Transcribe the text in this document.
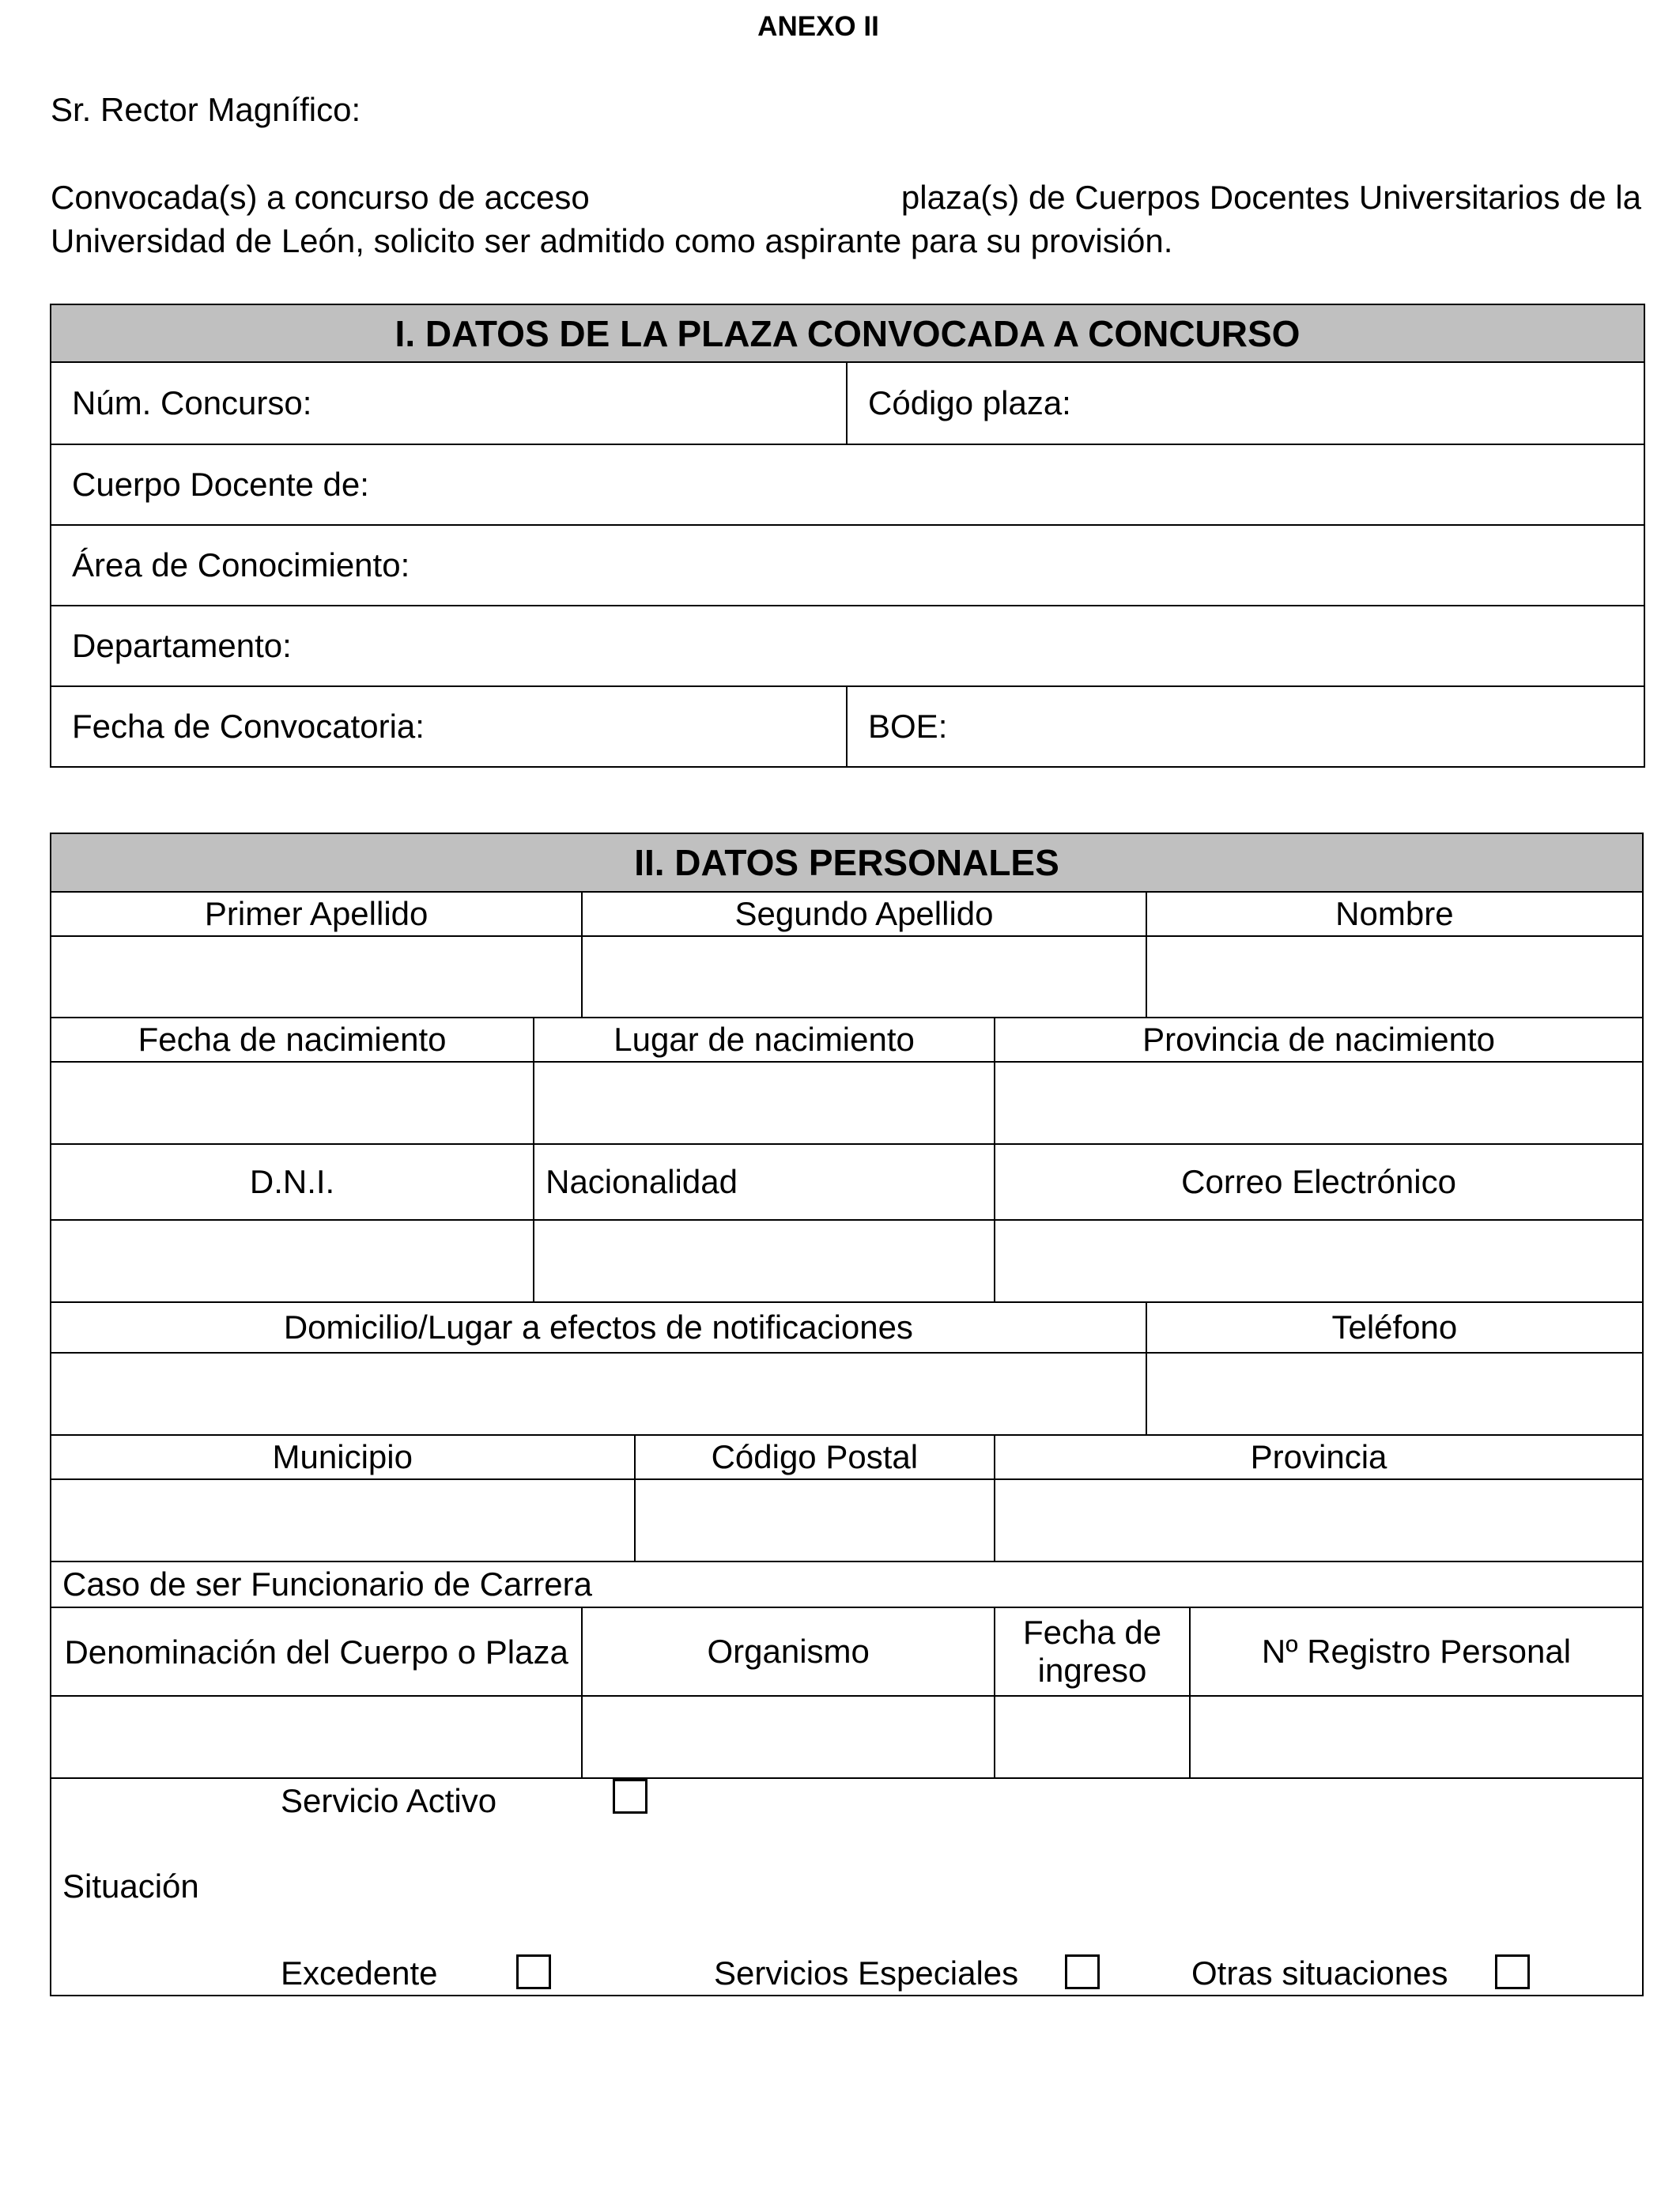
ANEXO II
Sr. Rector Magnífico:
Convocada(s) a concurso de acceso	plaza(s) de Cuerpos Docentes Universitarios de la
Universidad de León, solicito ser admitido como aspirante para su provisión.
I. DATOS DE LA PLAZA CONVOCADA A CONCURSO	
Núm. Concurso:	Código plaza:
Cuerpo Docente de:	
Área de Conocimiento:	
Departamento:	
Fecha de Convocatoria:	BOE:
II. DATOS PERSONALES						
Primer Apellido		Segundo Apellido			Nombre	

Fecha de nacimiento	Lugar de nacimiento			Provincia de nacimiento		

D.N.I.	Nacionalidad			Correo Electrónico		

Domicilio/Lugar a efectos de notificaciones					Teléfono	

Municipio			Código Postal	Provincia		

Caso de ser Funcionario de Carrera						
Denominación del Cuerpo o Plaza		Organismo		Fecha de ingreso		Nº Registro Personal

Servicio Activo
Situación
Excedente Servicios Especiales Otras situaciones						
